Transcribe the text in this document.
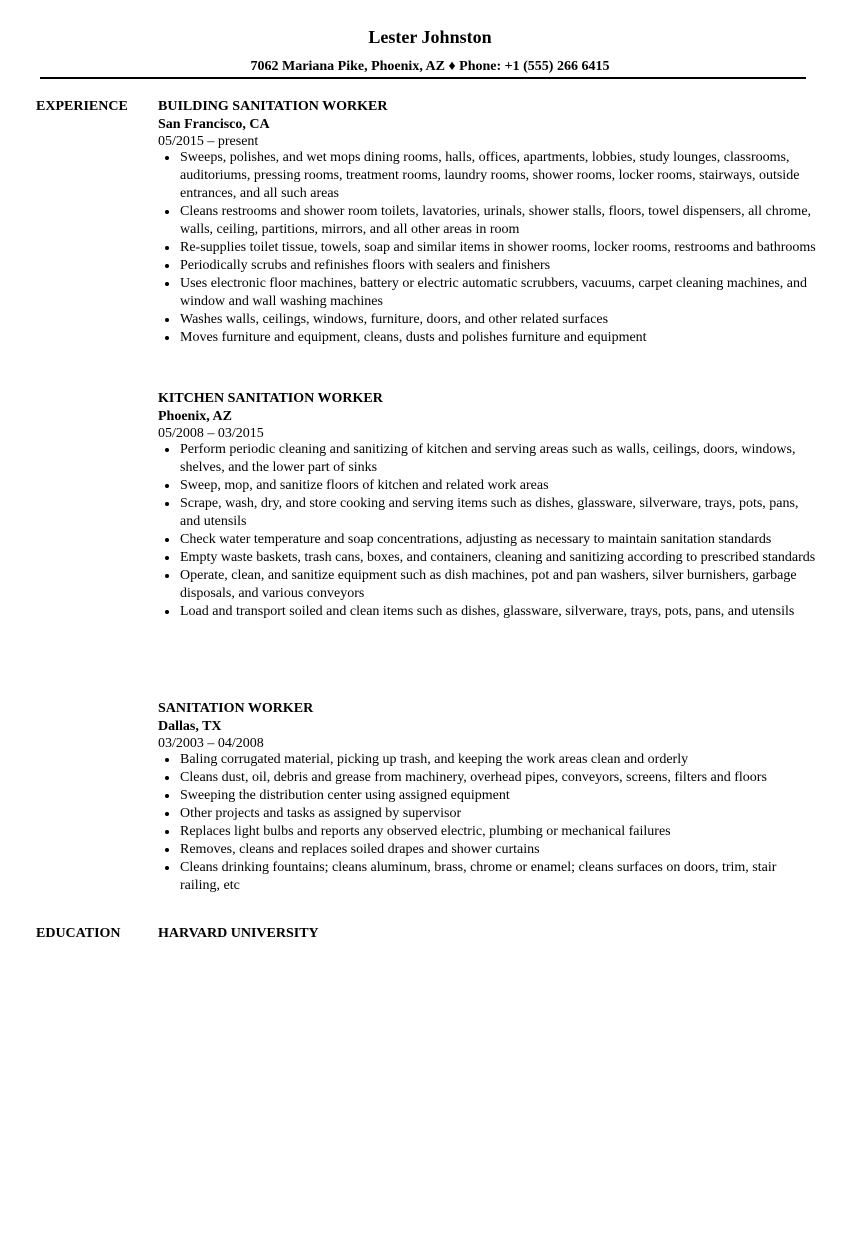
Lester Johnston
7062 Mariana Pike, Phoenix, AZ ♦ Phone: +1 (555) 266 6415
EXPERIENCE BUILDING SANITATION WORKER
San Francisco, CA
05/2015 – present
Sweeps, polishes, and wet mops dining rooms, halls, offices, apartments, lobbies, study lounges, classrooms, auditoriums, pressing rooms, treatment rooms, laundry rooms, shower rooms, locker rooms, stairways, outside entrances, and all such areas
Cleans restrooms and shower room toilets, lavatories, urinals, shower stalls, floors, towel dispensers, all chrome, walls, ceiling, partitions, mirrors, and all other areas in room
Re-supplies toilet tissue, towels, soap and similar items in shower rooms, locker rooms, restrooms and bathrooms
Periodically scrubs and refinishes floors with sealers and finishers
Uses electronic floor machines, battery or electric automatic scrubbers, vacuums, carpet cleaning machines, and window and wall washing machines
Washes walls, ceilings, windows, furniture, doors, and other related surfaces
Moves furniture and equipment, cleans, dusts and polishes furniture and equipment
KITCHEN SANITATION WORKER
Phoenix, AZ
05/2008 – 03/2015
Perform periodic cleaning and sanitizing of kitchen and serving areas such as walls, ceilings, doors, windows, shelves, and the lower part of sinks
Sweep, mop, and sanitize floors of kitchen and related work areas
Scrape, wash, dry, and store cooking and serving items such as dishes, glassware, silverware, trays, pots, pans, and utensils
Check water temperature and soap concentrations, adjusting as necessary to maintain sanitation standards
Empty waste baskets, trash cans, boxes, and containers, cleaning and sanitizing according to prescribed standards
Operate, clean, and sanitize equipment such as dish machines, pot and pan washers, silver burnishers, garbage disposals, and various conveyors
Load and transport soiled and clean items such as dishes, glassware, silverware, trays, pots, pans, and utensils
SANITATION WORKER
Dallas, TX
03/2003 – 04/2008
Baling corrugated material, picking up trash, and keeping the work areas clean and orderly
Cleans dust, oil, debris and grease from machinery, overhead pipes, conveyors, screens, filters and floors
Sweeping the distribution center using assigned equipment
Other projects and tasks as assigned by supervisor
Replaces light bulbs and reports any observed electric, plumbing or mechanical failures
Removes, cleans and replaces soiled drapes and shower curtains
Cleans drinking fountains; cleans aluminum, brass, chrome or enamel; cleans surfaces on doors, trim, stair railing, etc
EDUCATION	HARVARD UNIVERSITY
